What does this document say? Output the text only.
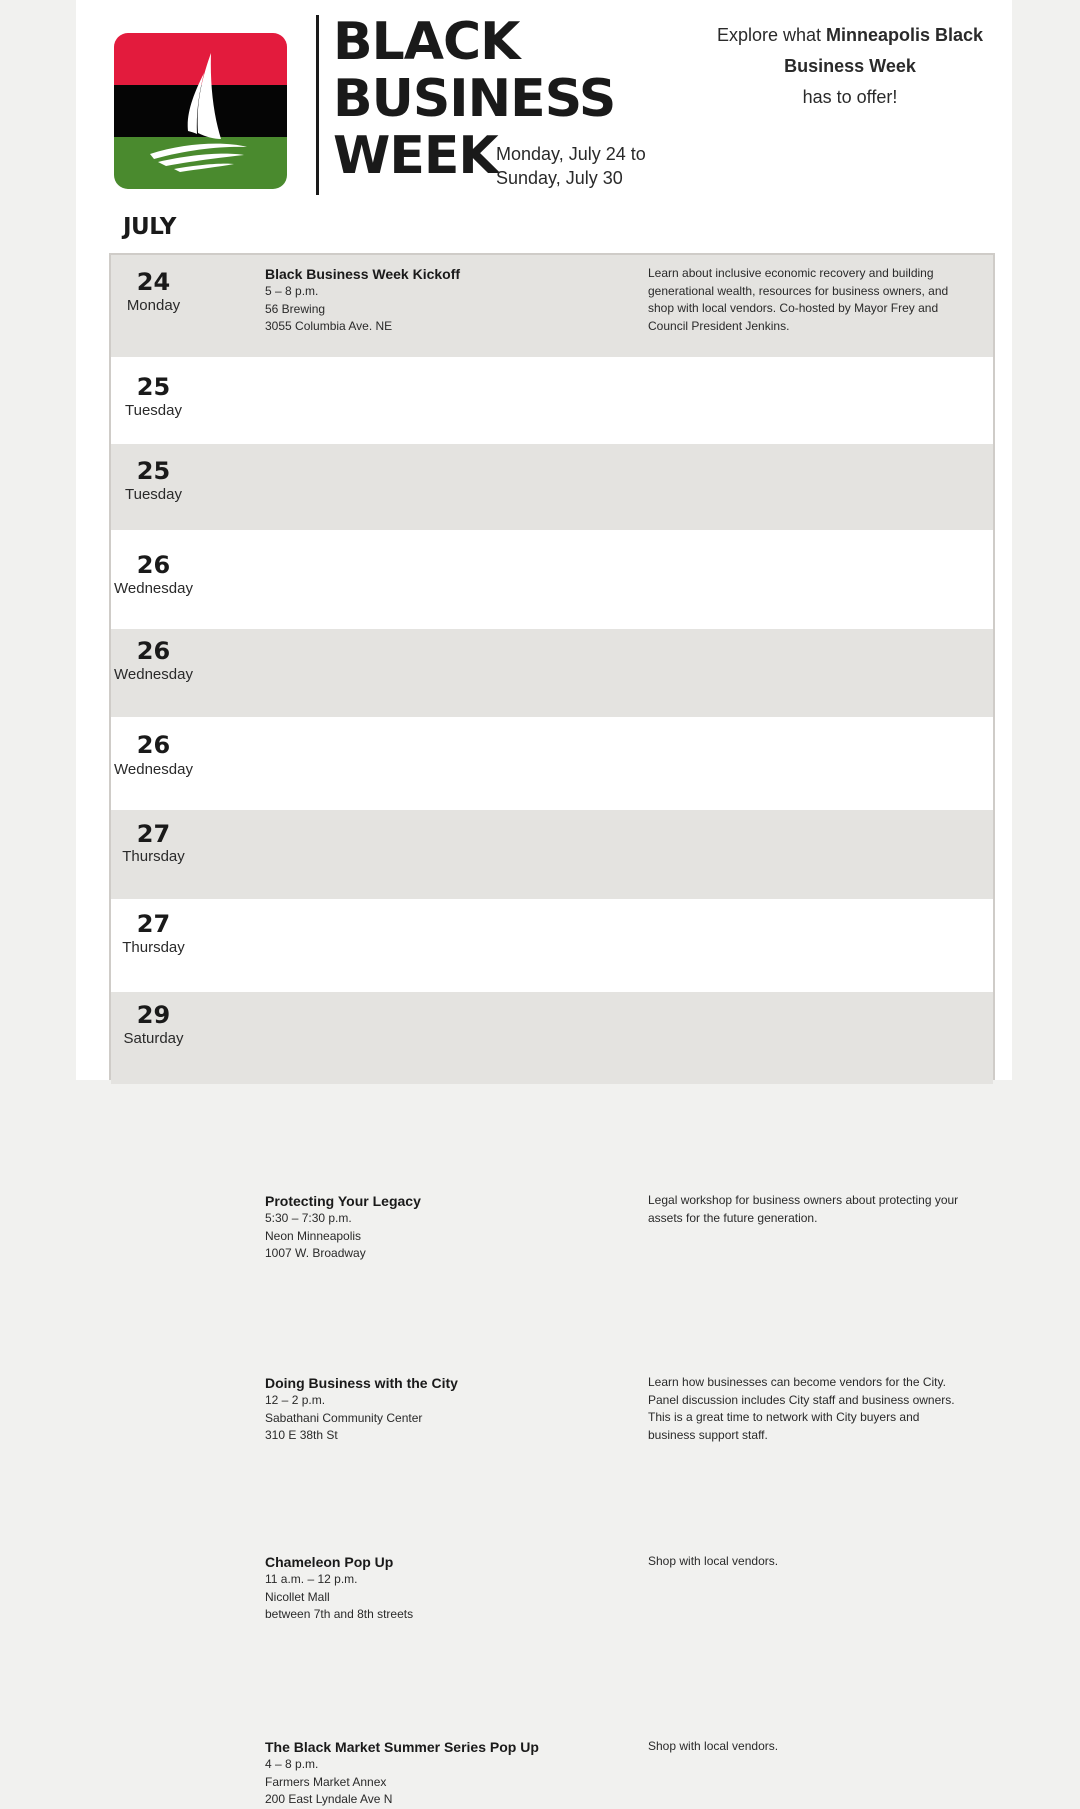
BLACK
BUSINESS
WEEK
Monday, July 24 to
Sunday, July 30
Explore what Minneapolis Black Business Week
has to offer!
JULY
24
Monday
Black Business Week Kickoff
5 – 8 p.m.
56 Brewing
3055 Columbia Ave. NE
Learn about inclusive economic recovery and building
generational wealth, resources for business owners, and
shop with local vendors. Co-hosted by Mayor Frey and
Council President Jenkins.
25
Tuesday
25
Tuesday
26
Wednesday
26
Wednesday
26
Wednesday
Protecting Your Legacy
5:30 – 7:30 p.m.
Neon Minneapolis
1007 W. Broadway
Legal workshop for business owners about protecting your
assets for the future generation.
27
Thursday
Doing Business with the City
12 – 2 p.m.
Sabathani Community Center
310 E 38th St
Learn how businesses can become vendors for the City.
Panel discussion includes City staff and business owners.
This is a great time to network with City buyers and
business support staff.
27
Thursday
Chameleon Pop Up
11 a.m. – 12 p.m.
Nicollet Mall
between 7th and 8th streets
Shop with local vendors.
29
Saturday
The Black Market Summer Series Pop Up
4 – 8 p.m.
Farmers Market Annex
200 East Lyndale Ave N
Shop with local vendors.
